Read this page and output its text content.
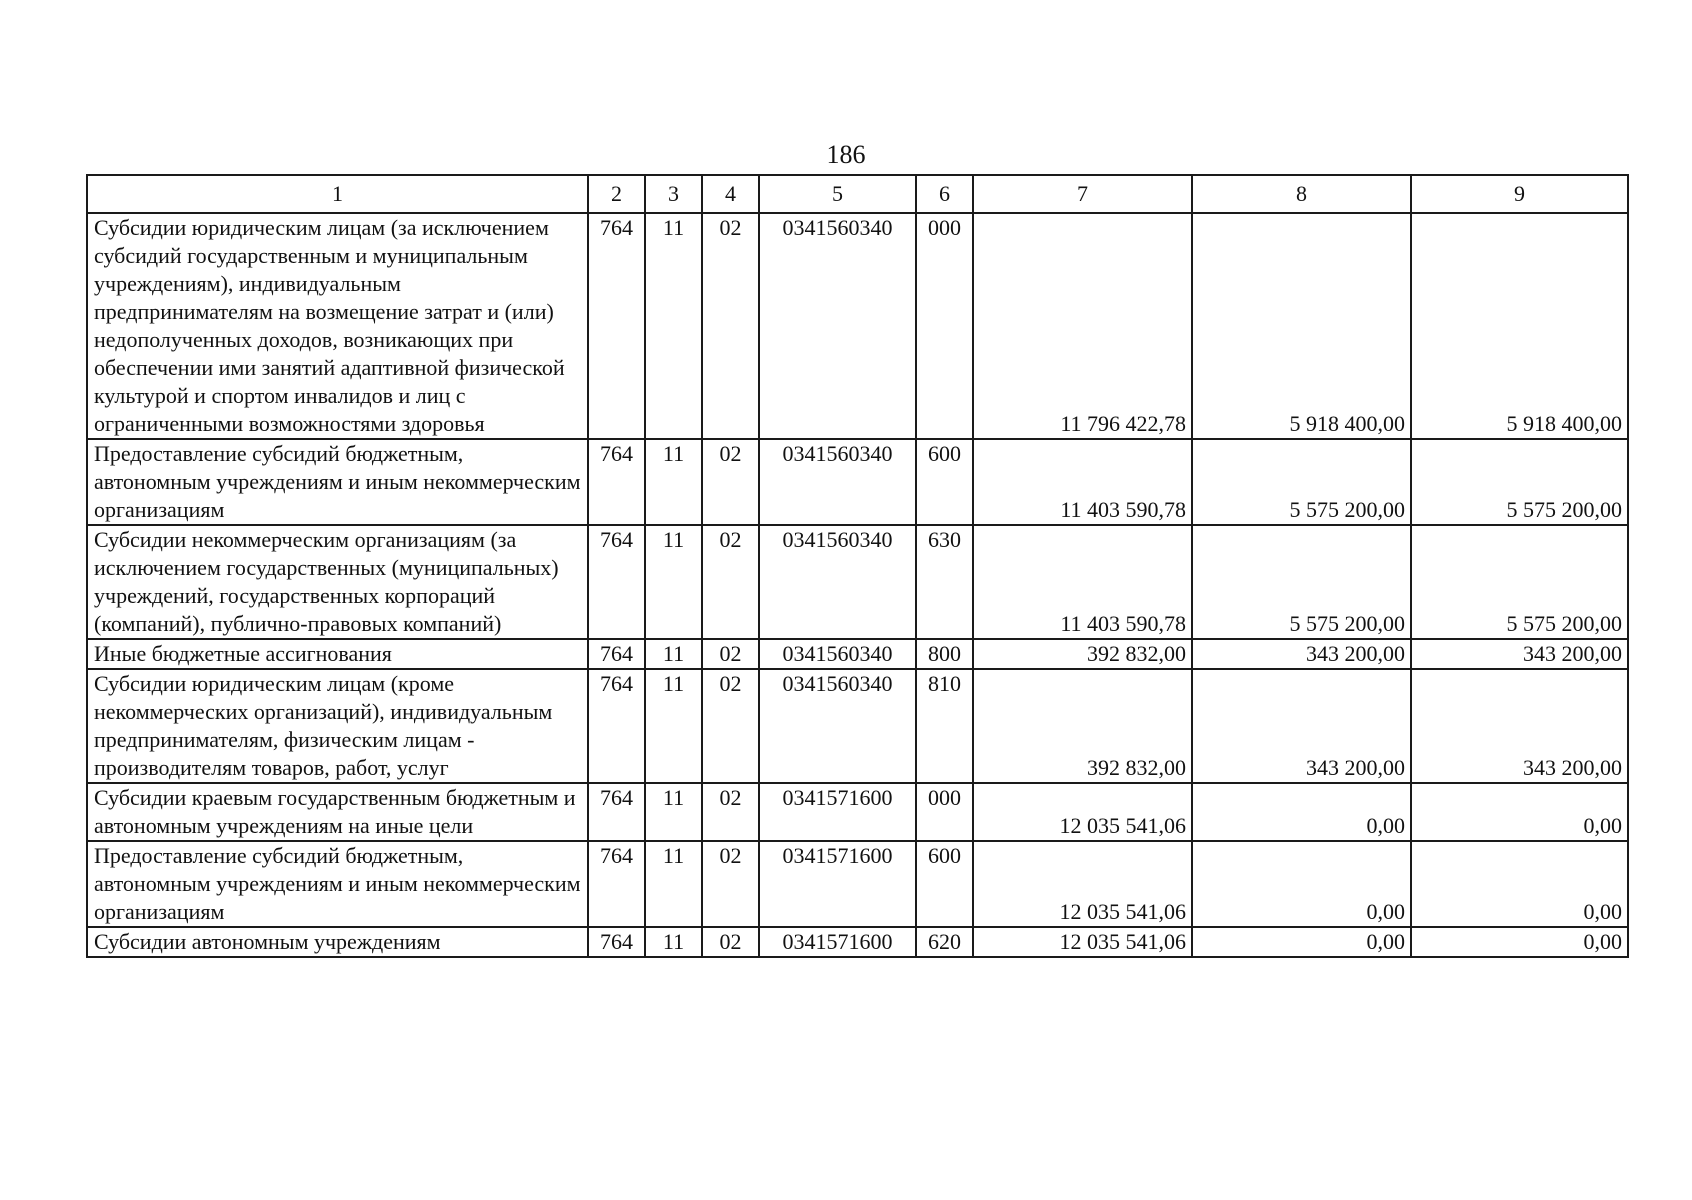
186
1	2	3	4	5	6	7	8	9
Субсидии юридическим лицам (за исключением субсидий государственным и муниципальным учреждениям), индивидуальным предпринимателям на возмещение затрат и (или) недополученных доходов, возникающих при обеспечении ими занятий адаптивной физической культурой и спортом инвалидов и лиц с ограниченными возможностями здоровья	764	11	02	0341560340	000	11 796 422,78	5 918 400,00	5 918 400,00
Предоставление субсидий бюджетным, автономным учреждениям и иным некоммерческим организациям	764	11	02	0341560340	600	11 403 590,78	5 575 200,00	5 575 200,00
Субсидии некоммерческим организациям (за исключением государственных (муниципальных) учреждений, государственных корпораций (компаний), публично-правовых компаний)	764	11	02	0341560340	630	11 403 590,78	5 575 200,00	5 575 200,00
Иные бюджетные ассигнования	764	11	02	0341560340	800	392 832,00	343 200,00	343 200,00
Субсидии юридическим лицам (кроме некоммерческих организаций), индивидуальным предпринимателям, физическим лицам - производителям товаров, работ, услуг	764	11	02	0341560340	810	392 832,00	343 200,00	343 200,00
Субсидии краевым государственным бюджетным и автономным учреждениям на иные цели	764	11	02	0341571600	000	12 035 541,06	0,00	0,00
Предоставление субсидий бюджетным, автономным учреждениям и иным некоммерческим организациям	764	11	02	0341571600	600	12 035 541,06	0,00	0,00
Субсидии автономным учреждениям	764	11	02	0341571600	620	12 035 541,06	0,00	0,00
